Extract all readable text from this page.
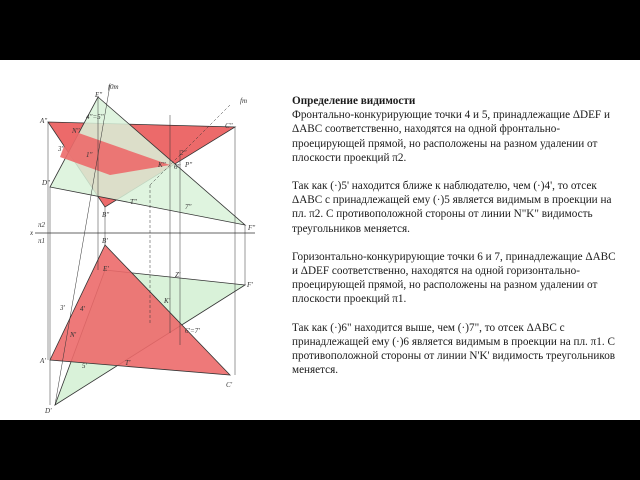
f0m
fm
A"
E"
C"
N"
4"=5"
K"
D"
B"
F"
3"	2"
1"
6"
7"
T"
P"
π2
x
π1	B'
E'
Z'
F'
K'
3' 4'
N'	6'=7'
A'
5'	T'
C'
D'
Определение видимости

Фронтально-конкурирующие точки 4 и 5, принадлежащие ΔDEF и ΔABC соответственно, находятся на одной фронтально-проецирующей прямой, но расположены на разном удалении от плоскости проекций π2.

Так как (·)5' находится ближе к наблюдателю, чем (·)4', то отсек ΔABC с принадлежащей ему (·)5 является видимым в проекции на пл. π2. С противоположной стороны от линии N"K" видимость треугольников меняется.

Горизонтально-конкурирующие точки 6 и 7, принадлежащие ΔABC и ΔDEF соответственно, находятся на одной горизонтально-проецирующей прямой, но расположены на разном удалении от плоскости проекций π1.

Так как (·)6" находится выше, чем (·)7", то отсек ΔABC с принадлежащей ему (·)6 является видимым в проекции на пл. π1. С противоположной стороны от линии N'K' видимость треугольников меняется.
